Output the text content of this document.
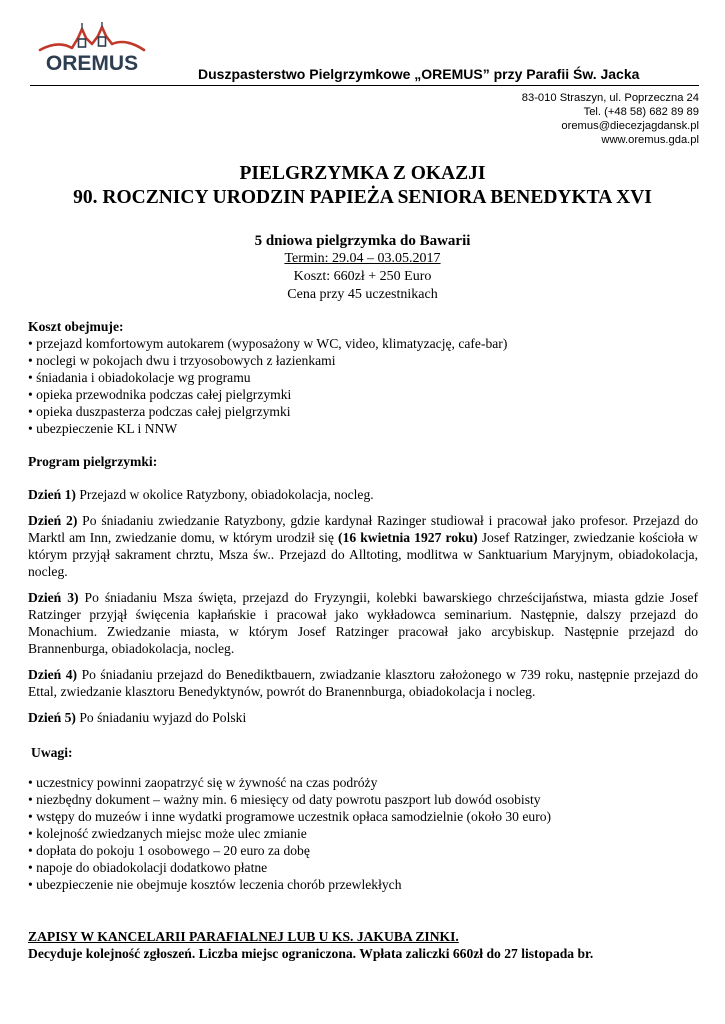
OREMUS	Duszpasterstwo Pielgrzymkowe „OREMUS” przy Parafii Św. Jacka
83-010 Straszyn, ul. Poprzeczna 24
Tel. (+48 58) 682 89 89
oremus@diecezjagdansk.pl
www.oremus.gda.pl
PIELGRZYMKA Z OKAZJI
90. ROCZNICY URODZIN PAPIEŻA SENIORA BENEDYKTA XVI
5 dniowa pielgrzymka do Bawarii
Termin: 29.04 – 03.05.2017
Koszt: 660zł + 250 Euro
Cena przy 45 uczestnikach
Koszt obejmuje:
• przejazd komfortowym autokarem (wyposażony w WC, video, klimatyzację, cafe-bar)
• noclegi w pokojach dwu i trzyosobowych z łazienkami
• śniadania i obiadokolacje wg programu
• opieka przewodnika podczas całej pielgrzymki
• opieka duszpasterza podczas całej pielgrzymki
• ubezpieczenie KL i NNW
Program pielgrzymki:
Dzień 1) Przejazd w okolice Ratyzbony, obiadokolacja, nocleg.
Dzień 2) Po śniadaniu zwiedzanie Ratyzbony, gdzie kardynał Razinger studiował i pracował jako profesor. Przejazd do Marktl am Inn, zwiedzanie domu, w którym urodził się (16 kwietnia 1927 roku) Josef Ratzinger, zwiedzanie kościoła w którym przyjął sakrament chrztu, Msza św.. Przejazd do Alltoting, modlitwa w Sanktuarium Maryjnym, obiadokolacja, nocleg.
Dzień 3) Po śniadaniu Msza święta, przejazd do Fryzyngii, kolebki bawarskiego chrześcijaństwa, miasta gdzie Josef Ratzinger przyjął święcenia kapłańskie i pracował jako wykładowca seminarium. Następnie, dalszy przejazd do Monachium. Zwiedzanie miasta, w którym Josef Ratzinger pracował jako arcybiskup. Następnie przejazd do Brannenburga, obiadokolacja, nocleg.
Dzień 4) Po śniadaniu przejazd do Benediktbauern, zwiadzanie klasztoru założonego w 739 roku, następnie przejazd do Ettal, zwiedzanie klasztoru Benedyktynów, powrót do Branennburga, obiadokolacja i nocleg.
Dzień 5) Po śniadaniu wyjazd do Polski
Uwagi:
• uczestnicy powinni zaopatrzyć się w żywność na czas podróży
• niezbędny dokument – ważny min. 6 miesięcy od daty powrotu paszport lub dowód osobisty
• wstępy do muzeów i inne wydatki programowe uczestnik opłaca samodzielnie (około 30 euro)
• kolejność zwiedzanych miejsc może ulec zmianie
• dopłata do pokoju 1 osobowego – 20 euro za dobę
• napoje do obiadokolacji dodatkowo płatne
• ubezpieczenie nie obejmuje kosztów leczenia chorób przewlekłych
ZAPISY W KANCELARII PARAFIALNEJ LUB U KS. JAKUBA ZINKI.
Decyduje kolejność zgłoszeń. Liczba miejsc ograniczona. Wpłata zaliczki 660zł do 27 listopada br.
